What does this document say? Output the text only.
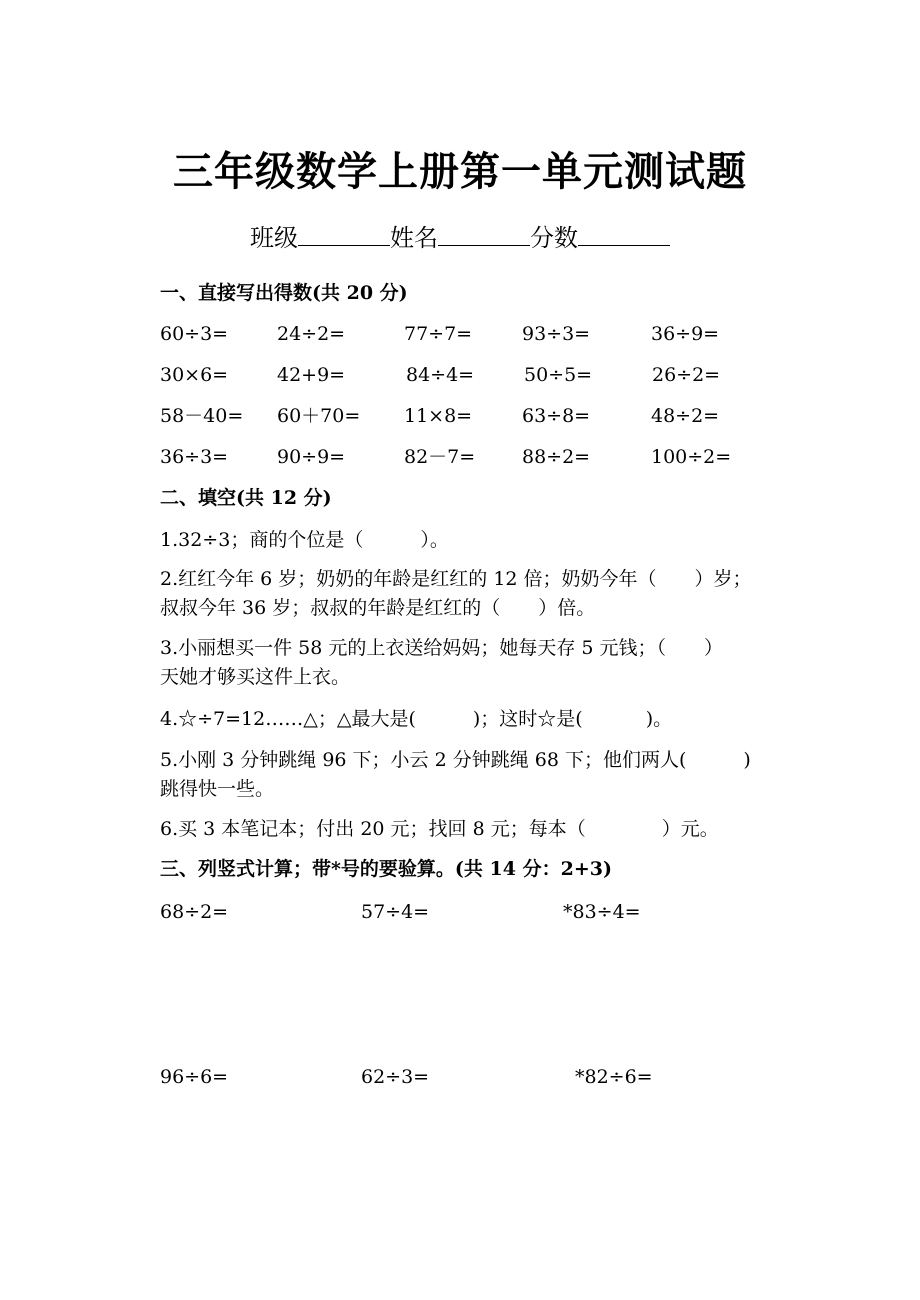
三年级数学上册第一单元测试题
班级	姓名	分数
一、直接写出得数(共 20 分)
60÷3=	24÷2=	77÷7=	93÷3=	36÷9=
30×6=	42+9=	84÷4=	50÷5=	26÷2=
58－40= 60＋70= 11×8=	63÷8=	48÷2=
36÷3=	90÷9=	82－7= 88÷2=	100÷2=
二、填空(共 12 分)

1.32÷3；商的个位是（　　　）。

2.红红今年 6 岁；奶奶的年龄是红红的 12 倍；奶奶今年（　　）岁；

叔叔今年 36 岁；叔叔的年龄是红红的（　　）倍。

3.小丽想买一件 58 元的上衣送给妈妈；她每天存 5 元钱；（　　）

天她才够买这件上衣。

4.☆÷7=12……△；△最大是(　　　)；这时☆是(　　　 )。

5.小刚 3 分钟跳绳 96 下；小云 2 分钟跳绳 68 下；他们两人(　　　)

跳得快一些。

6.买 3 本笔记本；付出 20 元；找回 8 元；每本（　　　　）元。

三、列竖式计算；带*号的要验算。(共 14 分：2+3)
68÷2=	57÷4=	*83÷4=
96÷6=	62÷3=	*82÷6=
